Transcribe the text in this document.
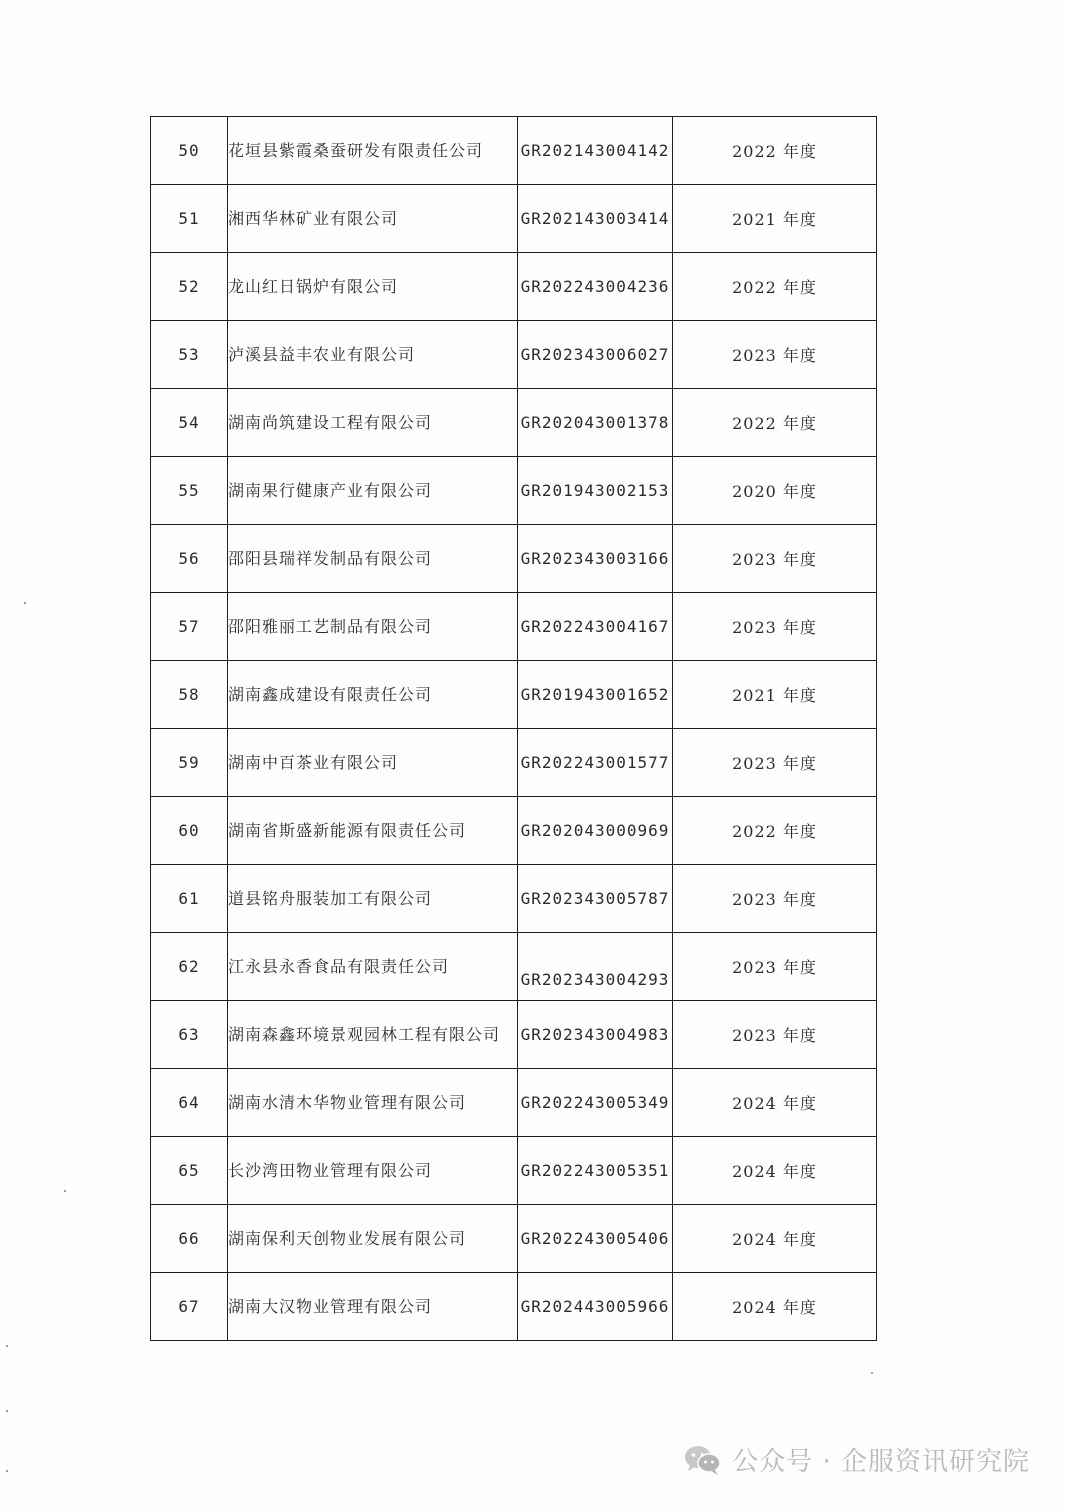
50	花垣县紫霞桑蚕研发有限责任公司	GR202143004142	2022 年度
51	湘西华林矿业有限公司	GR202143003414	2021 年度
52	龙山红日锅炉有限公司	GR202243004236	2022 年度
53	泸溪县益丰农业有限公司	GR202343006027	2023 年度
54	湖南尚筑建设工程有限公司	GR202043001378	2022 年度
55	湖南果行健康产业有限公司	GR201943002153	2020 年度
56	邵阳县瑞祥发制品有限公司	GR202343003166	2023 年度
57	邵阳雅丽工艺制品有限公司	GR202243004167	2023 年度
58	湖南鑫成建设有限责任公司	GR201943001652	2021 年度
59	湖南中百茶业有限公司	GR202243001577	2023 年度
60	湖南省斯盛新能源有限责任公司	GR202043000969	2022 年度
61	道县铭舟服装加工有限公司	GR202343005787	2023 年度
62	江永县永香食品有限责任公司	GR202343004293	2023 年度
63	湖南森鑫环境景观园林工程有限公司	GR202343004983	2023 年度
64	湖南水清木华物业管理有限公司	GR202243005349	2024 年度
65	长沙湾田物业管理有限公司	GR202243005351	2024 年度
66	湖南保利天创物业发展有限公司	GR202243005406	2024 年度
67	湖南大汉物业管理有限公司	GR202443005966	2024 年度
公众号 · 企服资讯研究院
